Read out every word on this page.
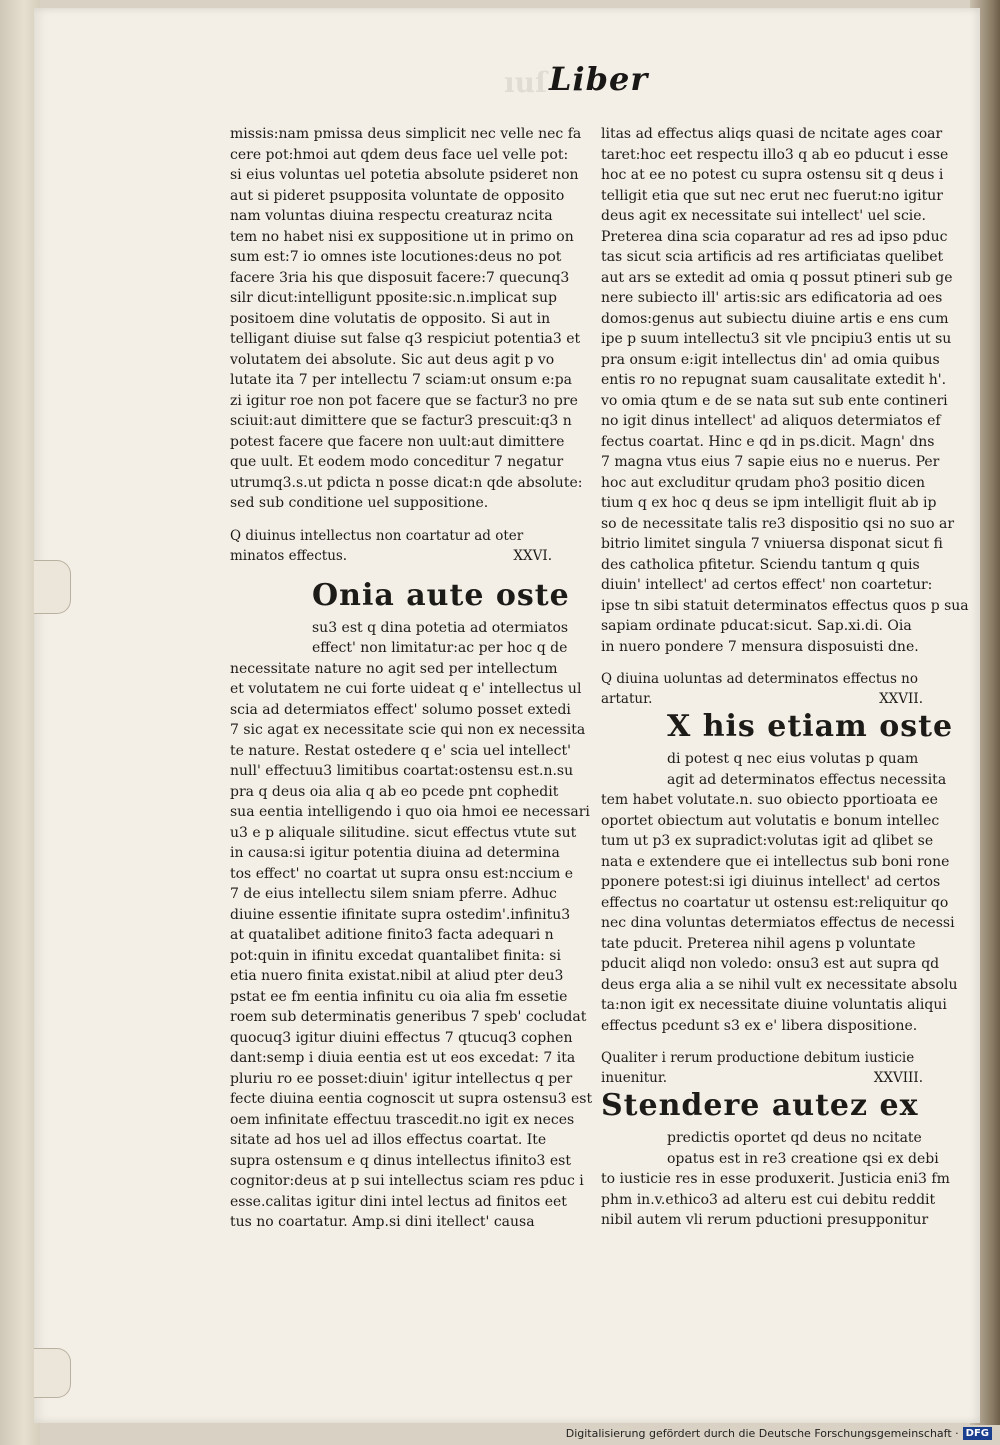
ıuſ Liber
missis:nam pmissa deus simplicit nec velle nec fa
cere pot:hmoi aut qdem deus face uel velle pot:
si eius voluntas uel potetia absolute psideret non
aut si pideret psupposita voluntate de opposito
nam voluntas diuina respectu creaturaz ncita
tem no habet nisi ex suppositione ut in primo on
sum est:7 io omnes iste locutiones:deus no pot
facere 3ria his que disposuit facere:7 quecunq3
silr dicut:intelligunt pposite:sic.n.implicat sup
positoem dine volutatis de opposito. Si aut in
telligant diuise sut false q3 respiciut potentia3 et
volutatem dei absolute. Sic aut deus agit p vo
lutate ita 7 per intellectu 7 sciam:ut onsum e:pa
zi igitur roe non pot facere que se factur3 no pre
sciuit:aut dimittere que se factur3 prescuit:q3 n
potest facere que facere non uult:aut dimittere
que uult. Et eodem modo conceditur 7 negatur
utrumq3.s.ut pdicta n posse dicat:n qde absolute:
sed sub conditione uel suppositione.
Q diuinus intellectus non coartatur ad oter
minatos effectus.	XXVI.
Onia aute oste
su3 est q dina potetia ad otermiatos
effect' non limitatur:ac per hoc q de
necessitate nature no agit sed per intellectum
et volutatem ne cui forte uideat q e' intellectus ul
scia ad determiatos effect' solumo posset extedi
7 sic agat ex necessitate scie qui non ex necessita
te nature. Restat ostedere q e' scia uel intellect'
null' effectuu3 limitibus coartat:ostensu est.n.su
pra q deus oia alia q ab eo pcede pnt cophedit
sua eentia intelligendo i quo oia hmoi ee necessari
u3 e p aliquale silitudine. sicut effectus vtute sut
in causa:si igitur potentia diuina ad determina
tos effect' no coartat ut supra onsu est:nccium e
7 de eius intellectu silem sniam pferre. Adhuc
diuine essentie ifinitate supra ostedim'.infinitu3
at quatalibet aditione finito3 facta adequari n
pot:quin in ifinitu excedat quantalibet finita: si
etia nuero finita existat.nibil at aliud pter deu3
pstat ee fm eentia infinitu cu oia alia fm essetie
roem sub determinatis generibus 7 speb' cocludat
quocuq3 igitur diuini effectus 7 qtucuq3 cophen
dant:semp i diuia eentia est ut eos excedat: 7 ita
pluriu ro ee posset:diuin' igitur intellectus q per
fecte diuina eentia cognoscit ut supra ostensu3 est
oem infinitate effectuu trascedit.no igit ex neces
sitate ad hos uel ad illos effectus coartat. Ite
supra ostensum e q dinus intellectus ifinito3 est
cognitor:deus at p sui intellectus sciam res pduc i
esse.calitas igitur dini intel lectus ad finitos eet
tus no coartatur. Amp.si dini itellect' causa
litas ad effectus aliqs quasi de ncitate ages coar
taret:hoc eet respectu illo3 q ab eo pducut i esse
hoc at ee no potest cu supra ostensu sit q deus i
telligit etia que sut nec erut nec fuerut:no igitur
deus agit ex necessitate sui intellect' uel scie.
Preterea dina scia coparatur ad res ad ipso pduc
tas sicut scia artificis ad res artificiatas quelibet
aut ars se extedit ad omia q possut ptineri sub ge
nere subiecto ill' artis:sic ars edificatoria ad oes
domos:genus aut subiectu diuine artis e ens cum
ipe p suum intellectu3 sit vle pncipiu3 entis ut su
pra onsum e:igit intellectus din' ad omia quibus
entis ro no repugnat suam causalitate extedit h'.
vo omia qtum e de se nata sut sub ente contineri
no igit dinus intellect' ad aliquos determiatos ef
fectus coartat. Hinc e qd in ps.dicit. Magn' dns
7 magna vtus eius 7 sapie eius no e nuerus. Per
hoc aut excluditur qrudam pho3 positio dicen
tium q ex hoc q deus se ipm intelligit fluit ab ip
so de necessitate talis re3 dispositio qsi no suo ar
bitrio limitet singula 7 vniuersa disponat sicut fi
des catholica pfitetur. Sciendu tantum q quis
diuin' intellect' ad certos effect' non coartetur:
ipse tn sibi statuit determinatos effectus quos p sua
sapiam ordinate pducat:sicut. Sap.xi.di. Oia
in nuero pondere 7 mensura disposuisti dne.
Q diuina uoluntas ad determinatos effectus no
artatur.	XXVII.
X his etiam oste
di potest q nec eius volutas p quam
agit ad determinatos effectus necessita
tem habet volutate.n. suo obiecto pportioata ee
oportet obiectum aut volutatis e bonum intellec
tum ut p3 ex supradict:volutas igit ad qlibet se
nata e extendere que ei intellectus sub boni rone
pponere potest:si igi diuinus intellect' ad certos
effectus no coartatur ut ostensu est:reliquitur qo
nec dina voluntas determiatos effectus de necessi
tate pducit. Preterea nihil agens p voluntate
pducit aliqd non voledo: onsu3 est aut supra qd
deus erga alia a se nihil vult ex necessitate absolu
ta:non igit ex necessitate diuine voluntatis aliqui
effectus pcedunt s3 ex e' libera dispositione.
Qualiter i rerum productione debitum iusticie
inuenitur.	XXVIII.
Stendere autez ex
predictis oportet qd deus no ncitate
opatus est in re3 creatione qsi ex debi
to iusticie res in esse produxerit. Justicia eni3 fm
phm in.v.ethico3 ad alteru est cui debitu reddit
nibil autem vli rerum pductioni presupponitur
Digitalisierung gefördert durch die Deutsche Forschungsgemeinschaft · DFG
